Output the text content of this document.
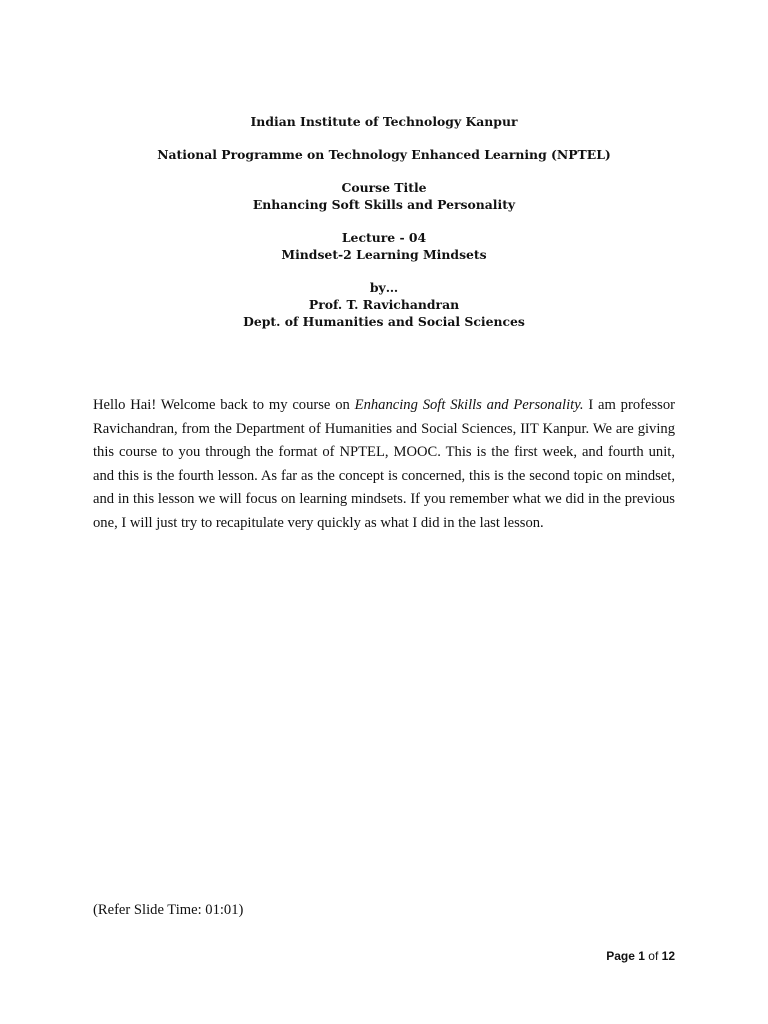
Indian Institute of Technology Kanpur
National Programme on Technology Enhanced Learning (NPTEL)
Course Title
Enhancing Soft Skills and Personality
Lecture - 04
Mindset-2 Learning Mindsets
by…
Prof. T. Ravichandran
Dept. of Humanities and Social Sciences

Hello Hai! Welcome back to my course on Enhancing Soft Skills and Personality. I am professor Ravichandran, from the Department of Humanities and Social Sciences, IIT Kanpur. We are giving this course to you through the format of NPTEL, MOOC. This is the first week, and fourth unit, and this is the fourth lesson. As far as the concept is concerned, this is the second topic on mindset, and in this lesson we will focus on learning mindsets. If you remember what we did in the previous one, I will just try to recapitulate very quickly as what I did in the last lesson.

(Refer Slide Time: 01:01)
Page 1 of 12
